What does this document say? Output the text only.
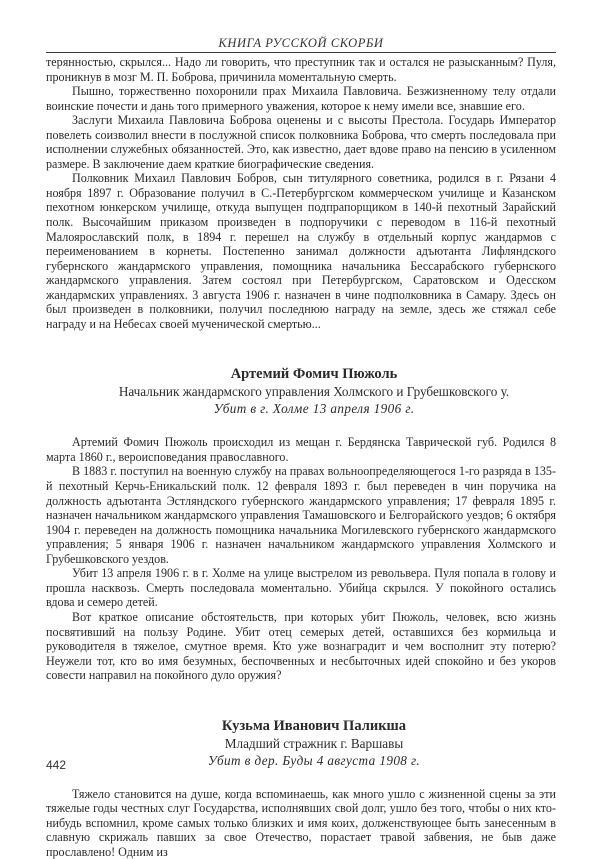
КНИГА РУССКОЙ СКОРБИ

терянностью, скрылся... Надо ли говорить, что преступник так и остался не разысканным? Пуля, проникнув в мозг М. П. Боброва, причинила моментальную смерть.

Пышно, торжественно похоронили прах Михаила Павловича. Безжизненному телу отдали воинские почести и дань того примерного уважения, которое к нему имели все, знавшие его.

Заслуги Михаила Павловича Боброва оценены и с высоты Престола. Государь Император повелеть соизволил внести в послужной список полковника Боброва, что смерть последовала при исполнении служебных обязанностей. Это, как известно, дает вдове право на пенсию в усиленном размере. В заключение даем краткие биографические сведения.

Полковник Михаил Павлович Бобров, сын титулярного советника, родился в г. Рязани 4 ноября 1897 г. Образование получил в С.-Петербургском коммерческом училище и Казанском пехотном юнкерском училище, откуда выпущен подпрапорщиком в 140-й пехотный Зарайский полк. Высочайшим приказом произведен в подпоручики с переводом в 116-й пехотный Малоярославский полк, в 1894 г. перешел на службу в отдельный корпус жандармов с переименованием в корнеты. Постепенно занимал должности адъютанта Лифляндского губернского жандармского управления, помощника начальника Бессарабского губернского жандармского управления. Затем состоял при Петербургском, Саратовском и Одесском жандармских управлениях. 3 августа 1906 г. назначен в чине подполковника в Самару. Здесь он был произведен в полковники, получил последнюю награду на земле, здесь же стяжал себе награду и на Небесах своей мученической смертью...

Артемий Фомич Пюжоль

Начальник жандармского управления Холмского и Грубешковского у.

Убит в г. Холме 13 апреля 1906 г.

Артемий Фомич Пюжоль происходил из мещан г. Бердянска Таврической губ. Родился 8 марта 1860 г., вероисповедания православного.

В 1883 г. поступил на военную службу на правах вольноопределяющегося 1-го разряда в 135-й пехотный Керчь-Еникальский полк. 12 февраля 1893 г. был переведен в чин поручика на должность адъютанта Эстляндского губернского жандармского управления; 17 февраля 1895 г. назначен начальником жандармского управления Тамашовского и Белгорайского уездов; 6 октября 1904 г. переведен на должность помощника начальника Могилевского губернского жандармского управления; 5 января 1906 г. назначен начальником жандармского управления Холмского и Грубешковского уездов.

Убит 13 апреля 1906 г. в г. Холме на улице выстрелом из револьвера. Пуля попала в голову и прошла насквозь. Смерть последовала моментально. Убийца скрылся. У покойного остались вдова и семеро детей.

Вот краткое описание обстоятельств, при которых убит Пюжоль, человек, всю жизнь посвятивший на пользу Родине. Убит отец семерых детей, оставшихся без кормильца и руководителя в тяжелое, смутное время. Кто уже вознаградит и чем восполнит эту потерю? Неужели тот, кто во имя безумных, беспочвенных и несбыточных идей спокойно и без укоров совести направил на покойного дуло оружия?

Кузьма Иванович Паликша

Младший стражник г. Варшавы

Убит в дер. Буды 4 августа 1908 г.

Тяжело становится на душе, когда вспоминаешь, как много ушло с жизненной сцены за эти тяжелые годы честных слуг Государства, исполнявших свой долг, ушло без того, чтобы о них кто-нибудь вспомнил, кроме самых только близких и имя коих, долженствующее быть занесенным в славную скрижаль павших за свое Отечество, порастает травой забвения, не быв даже прославлено! Одним из

442
